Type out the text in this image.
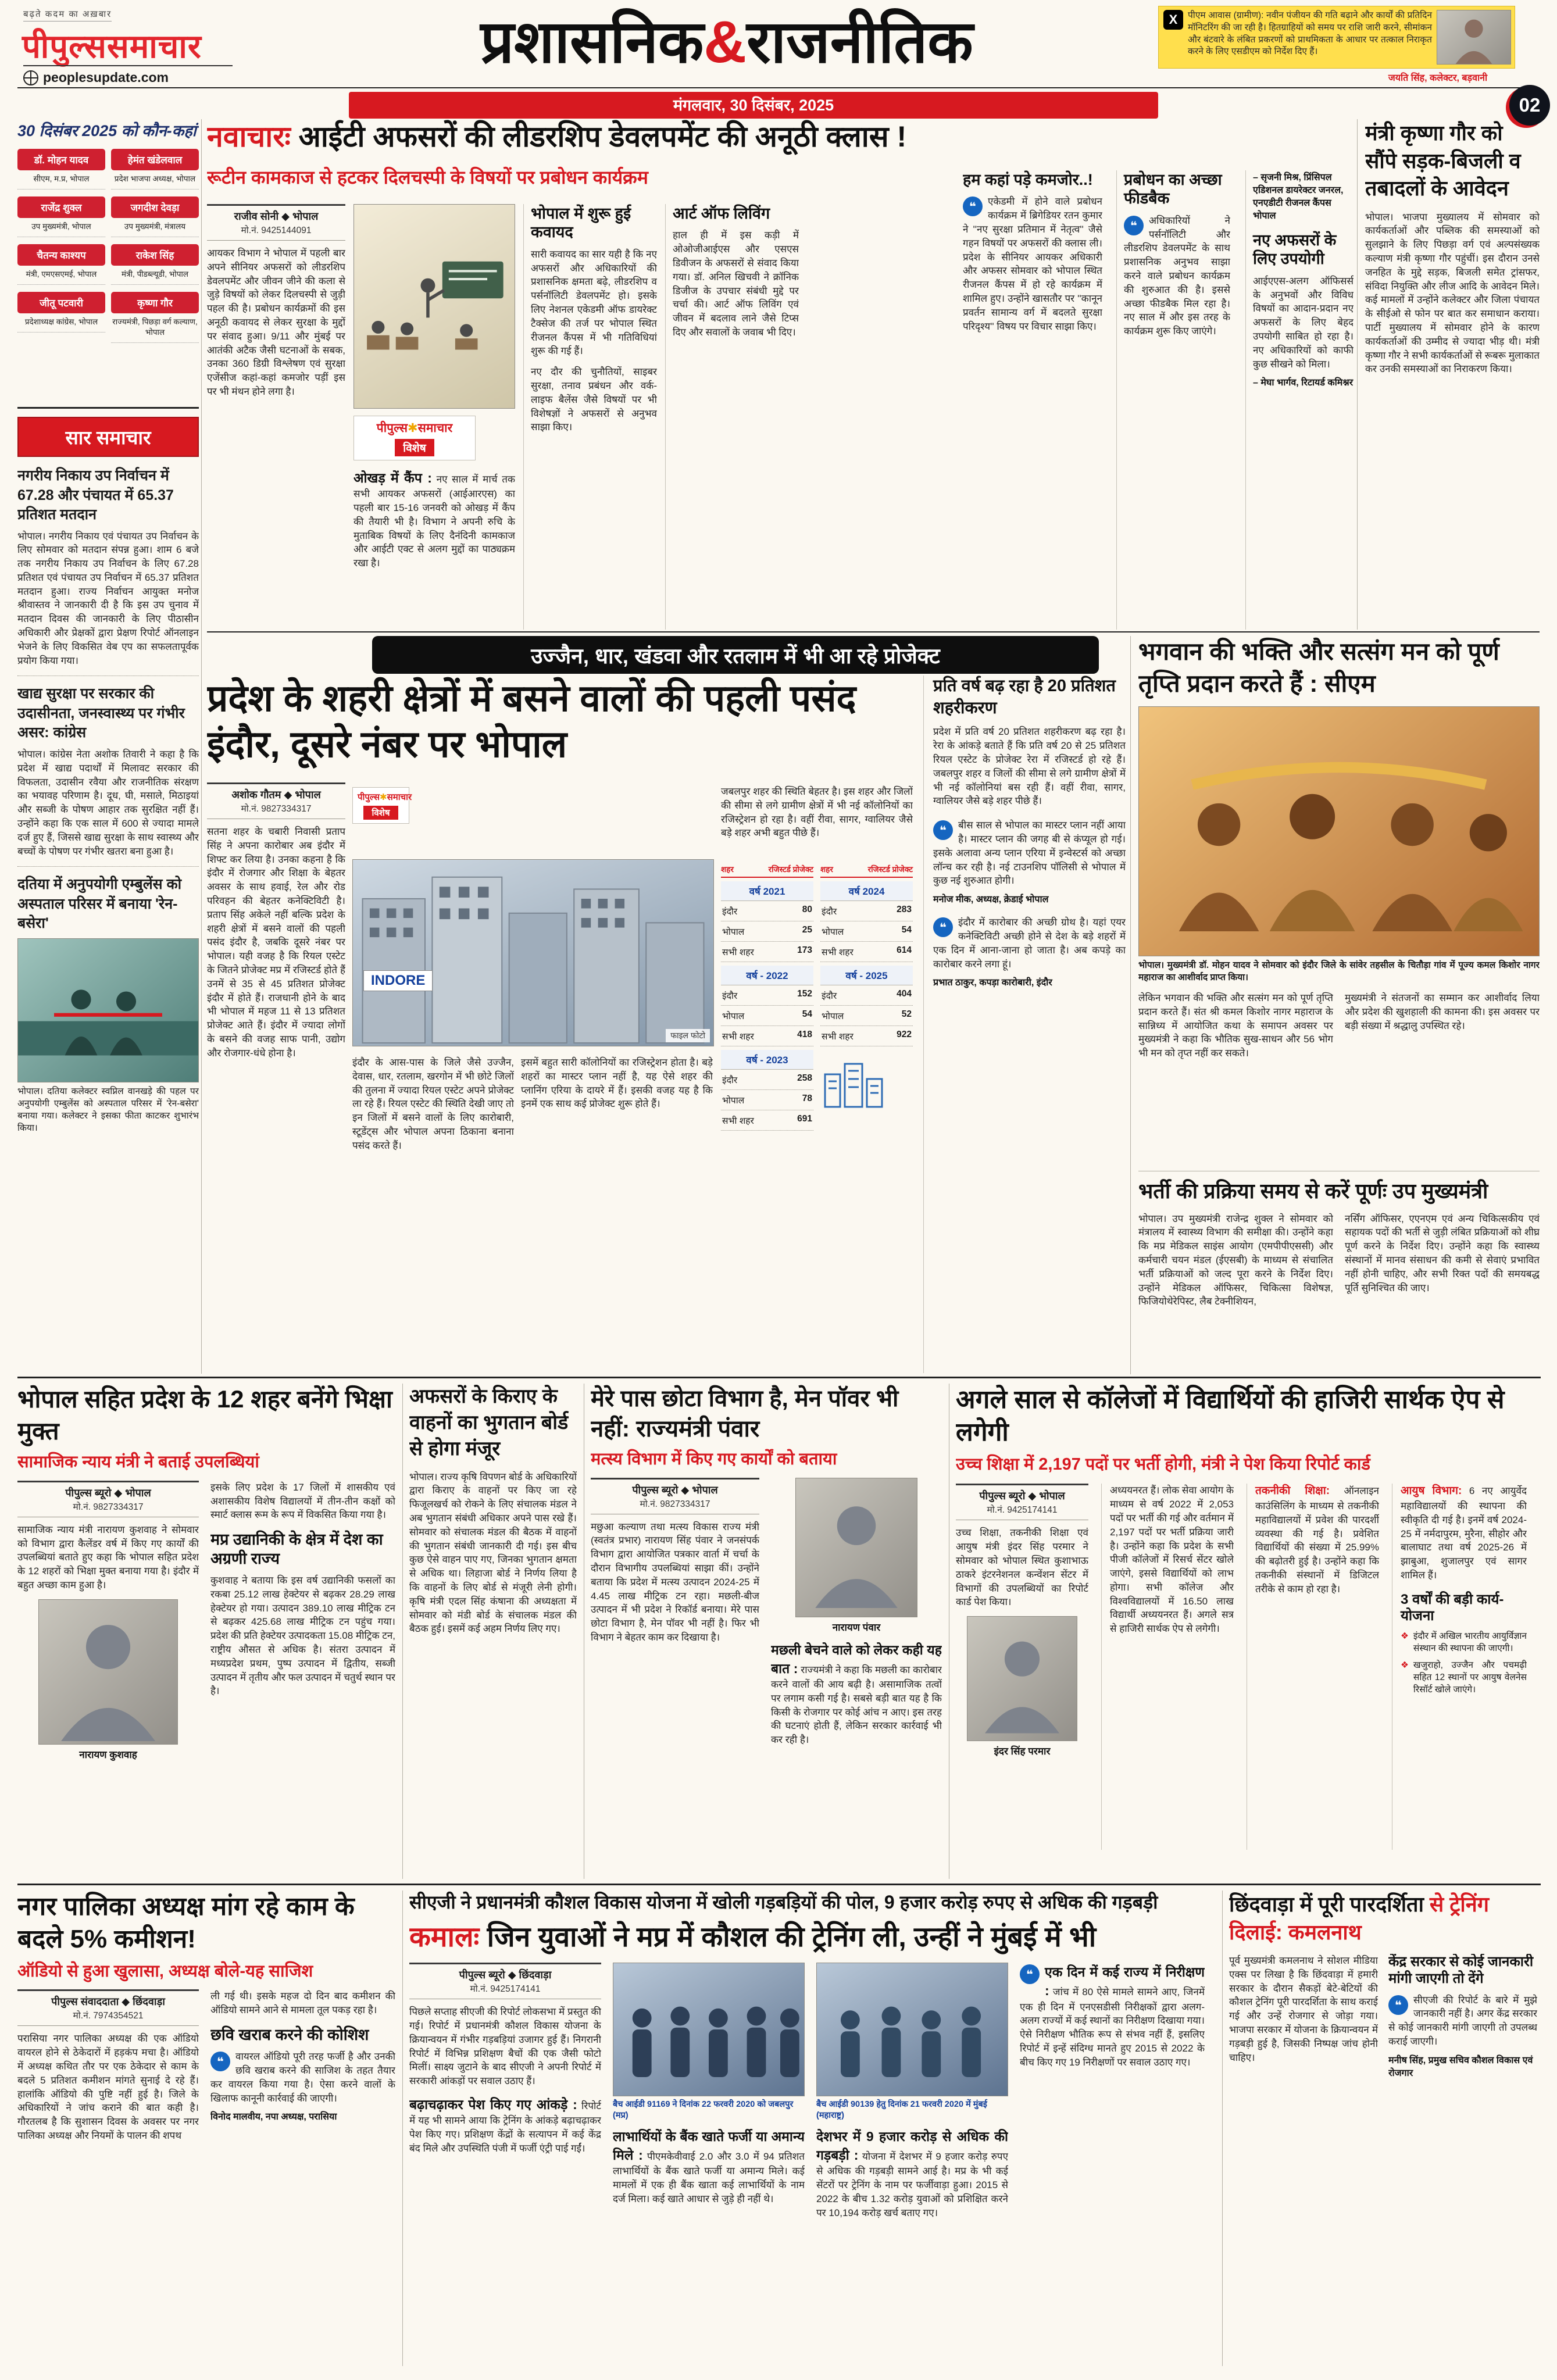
बढ़ते कदम का अख़बार
पीपुल्ससमाचार
peoplesupdate.com
प्रशासनिक&राजनीतिक X	पीएम आवास (ग्रामीण): नवीन पंजीयन की गति बढ़ाने और कार्यों की प्रतिदिन मॉनिटरिंग की जा रही है। हितग्राहियों को समय पर राशि जारी करने, सीमांकन और बंटवारे के लंबित प्रकरणों को प्राथमिकता के आधार पर तत्काल निराकृत करने के लिए एसडीएम को निर्देश दिए हैं।
जयति सिंह, कलेक्टर, बड़वानी
मंगलवार, 30 दिसंबर, 2025	02
30 दिसंबर 2025 को कौन-कहां
डॉ. मोहन यादव
सीएम, म.प्र, भोपाल
हेमंत खंडेलवाल
प्रदेश भाजपा अध्यक्ष, भोपाल
राजेंद्र शुक्ल
उप मुख्यमंत्री, भोपाल
जगदीश देवड़ा
उप मुख्यमंत्री, मंत्रालय
चैतन्य काश्यप
मंत्री, एमएसएमई, भोपाल
राकेश सिंह
मंत्री, पीडब्ल्यूडी, भोपाल
जीतू पटवारी
प्रदेशाध्यक्ष कांग्रेस, भोपाल
कृष्णा गौर
राज्यमंत्री, पिछड़ा वर्ग कल्याण, भोपाल
सार समाचार
नगरीय निकाय उप निर्वाचन में 67.28 और पंचायत में 65.37 प्रतिशत मतदान
भोपाल। नगरीय निकाय एवं पंचायत उप निर्वाचन के लिए सोमवार को मतदान संपन्न हुआ। शाम 6 बजे तक नगरीय निकाय उप निर्वाचन के लिए 67.28 प्रतिशत एवं पंचायत उप निर्वाचन में 65.37 प्रतिशत मतदान हुआ। राज्य निर्वाचन आयुक्त मनोज श्रीवास्तव ने जानकारी दी है कि इस उप चुनाव में मतदान दिवस की जानकारी के लिए पीठासीन अधिकारी और प्रेक्षकों द्वारा प्रेक्षण रिपोर्ट ऑनलाइन भेजने के लिए विकसित वेब एप का सफलतापूर्वक प्रयोग किया गया।
खाद्य सुरक्षा पर सरकार की उदासीनता, जनस्वास्थ्य पर गंभीर असर: कांग्रेस
भोपाल। कांग्रेस नेता अशोक तिवारी ने कहा है कि प्रदेश में खाद्य पदार्थों में मिलावट सरकार की विफलता, उदासीन रवैया और राजनीतिक संरक्षण का भयावह परिणाम है। दूध, घी, मसाले, मिठाइयां और सब्जी के पोषण आहार तक सुरक्षित नहीं हैं। उन्होंने कहा कि एक साल में 600 से ज्यादा मामले दर्ज हुए हैं, जिससे खाद्य सुरक्षा के साथ स्वास्थ्य और बच्चों के पोषण पर गंभीर खतरा बना हुआ है।
दतिया में अनुपयोगी एम्बुलेंस को अस्पताल परिसर में बनाया 'रेन-बसेरा'
भोपाल। दतिया कलेक्टर स्वप्निल वानखड़े की पहल पर अनुपयोगी एम्बुलेंस को अस्पताल परिसर में 'रेन-बसेरा' बनाया गया। कलेक्टर ने इसका फीता काटकर शुभारंभ किया।
नवाचारः आईटी अफसरों की लीडरशिप डेवलपमेंट की अनूठी क्लास !
रूटीन कामकाज से हटकर दिलचस्पी के विषयों पर प्रबोधन कार्यक्रम
राजीव सोनी ◆ भोपाल
मो.नं. 9425144091
आयकर विभाग ने भोपाल में पहली बार अपने सीनियर अफसरों को लीडरशिप डेवलपमेंट और जीवन जीने की कला से जुड़े विषयों को लेकर दिलचस्पी से जुड़ी पहल की है। प्रबोधन कार्यक्रमों की इस अनूठी कवायद से लेकर सुरक्षा के मुद्दों पर संवाद हुआ। 9/11 और मुंबई पर आतंकी अटैक जैसी घटनाओं के सबक, उनका 360 डिग्री विश्लेषण एवं सुरक्षा एजेंसीज कहां-कहां कमजोर पड़ीं इस पर भी मंथन होने लगा है।
पीपुल्स ✱ समाचार विशेष
ओखड़ में कैंप : नए साल में मार्च तक सभी आयकर अफसरों (आईआरएस) का पहली बार 15-16 जनवरी को ओखड़ में कैंप की तैयारी भी है। विभाग ने अपनी रुचि के मुताबिक विषयों के लिए दैनंदिनी कामकाज और आईटी एक्ट से अलग मुद्दों का पाठ्यक्रम रखा है।
भोपाल में शुरू हुई कवायद
सारी कवायद का सार यही है कि नए अफसरों और अधिकारियों की प्रशासनिक क्षमता बढ़े, लीडरशिप व पर्सनॉलिटी डेवलपमेंट हो। इसके लिए नेशनल एकेडमी ऑफ डायरेक्ट टैक्सेज की तर्ज पर भोपाल स्थित रीजनल कैंपस में भी गतिविधियां शुरू की गई हैं।
नए दौर की चुनौतियों, साइबर सुरक्षा, तनाव प्रबंधन और वर्क-लाइफ बैलेंस जैसे विषयों पर भी विशेषज्ञों ने अफसरों से अनुभव साझा किए।
आर्ट ऑफ लिविंग
हाल ही में इस कड़ी में ओओजीआईएस और एसएस डिवीजन के अफसरों से संवाद किया गया। डॉ. अनिल खिचवी ने क्रॉनिक डिजीज के उपचार संबंधी मुद्दे पर चर्चा की। आर्ट ऑफ लिविंग एवं जीवन में बदलाव लाने जैसे टिप्स दिए और सवालों के जवाब भी दिए।
हम कहां पड़े कमजोर..!
❝
एकेडमी में होने वाले प्रबोधन कार्यक्रम में ब्रिगेडियर रतन कुमार ने ''नए सुरक्षा प्रतिमान में नेतृत्व'' जैसे गहन विषयों पर अफसरों की क्लास ली। प्रदेश के सीनियर आयकर अधिकारी और अफसर सोमवार को भोपाल स्थित रीजनल कैंपस में हो रहे कार्यक्रम में शामिल हुए। उन्होंने खासतौर पर ''कानून प्रवर्तन सामान्य वर्ग में बदलते सुरक्षा परिदृश्य'' विषय पर विचार साझा किए।
प्रबोधन का अच्छा फीडबैक
❝
अधिकारियों ने पर्सनॉलिटी और लीडरशिप डेवलपमेंट के साथ प्रशासनिक अनुभव साझा करने वाले प्रबोधन कार्यक्रम की शुरुआत की है। इससे अच्छा फीडबैक मिल रहा है। नए साल में और इस तरह के कार्यक्रम शुरू किए जाएंगे।
– सृजनी मिश्र, प्रिंसिपल एडिशनल डायरेक्टर जनरल, एनएडीटी रीजनल कैंपस भोपाल
नए अफसरों के लिए उपयोगी
आईएएस-अलग ऑफिसर्स के अनुभवों और विविध विषयों का आदान-प्रदान नए अफसरों के लिए बेहद उपयोगी साबित हो रहा है। नए अधिकारियों को काफी कुछ सीखने को मिला।
– मेघा भार्गव, रिटायर्ड कमिश्नर
मंत्री कृष्णा गौर को सौंपे सड़क-बिजली व तबादलों के आवेदन
भोपाल। भाजपा मुख्यालय में सोमवार को कार्यकर्ताओं और पब्लिक की समस्याओं को सुलझाने के लिए पिछड़ा वर्ग एवं अल्पसंख्यक कल्याण मंत्री कृष्णा गौर पहुंचीं। इस दौरान उनसे जनहित के मुद्दे सड़क, बिजली समेत ट्रांसफर, संविदा नियुक्ति और लीज आदि के आवेदन मिले। कई मामलों में उन्होंने कलेक्टर और जिला पंचायत के सीईओ से फोन पर बात कर समाधान कराया। पार्टी मुख्यालय में सोमवार होने के कारण कार्यकर्ताओं की उम्मीद से ज्यादा भीड़ थी। मंत्री कृष्णा गौर ने सभी कार्यकर्ताओं से रूबरू मुलाकात कर उनकी समस्याओं का निराकरण किया।
उज्जैन, धार, खंडवा और रतलाम में भी आ रहे प्रोजेक्ट
प्रदेश के शहरी क्षेत्रों में बसने वालों की पहली पसंद इंदौर, दूसरे नंबर पर भोपाल
अशोक गौतम ◆ भोपाल
मो.नं. 9827334317
सतना शहर के चबारी निवासी प्रताप सिंह ने अपना कारोबार अब इंदौर में शिफ्ट कर लिया है। उनका कहना है कि इंदौर में रोजगार और शिक्षा के बेहतर अवसर के साथ हवाई, रेल और रोड परिवहन की बेहतर कनेक्टिविटी है। प्रताप सिंह अकेले नहीं बल्कि प्रदेश के शहरी क्षेत्रों में बसने वालों की पहली पसंद इंदौर है, जबकि दूसरे नंबर पर भोपाल। यही वजह है कि रियल एस्टेट के जितने प्रोजेक्ट मप्र में रजिस्टर्ड होते हैं उनमें से 35 से 45 प्रतिशत प्रोजेक्ट इंदौर में होते हैं। राजधानी होने के बाद भी भोपाल में महज 11 से 13 प्रतिशत प्रोजेक्ट आते हैं। इंदौर में ज्यादा लोगों के बसने की वजह साफ पानी, उद्योग और रोजगार-धंधे होना है।
पीपुल्स ✱ समाचार विशेष
INDORE
फाइल फोटो
जबलपुर शहर की स्थिति बेहतर है। इस शहर और जिलों की सीमा से लगे ग्रामीण क्षेत्रों में भी नई कॉलोनियों का रजिस्ट्रेशन हो रहा है। वहीं रीवा, सागर, ग्वालियर जैसे बड़े शहर अभी बहुत पीछे हैं।
इंदौर के आस-पास के जिले जैसे उज्जैन, देवास, धार, रतलाम, खरगोन में भी छोटे जिलों की तुलना में ज्यादा रियल एस्टेट अपने प्रोजेक्ट ला रहे हैं। रियल एस्टेट की स्थिति देखी जाए तो इन जिलों में बसने वालों के लिए कारोबारी, स्टूडेंट्स और भोपाल अपना ठिकाना बनाना पसंद करते हैं।
इसमें बहुत सारी कॉलोनियों का रजिस्ट्रेशन होता है। बड़े शहरों का मास्टर प्लान नहीं है, यह ऐसे शहर की प्लानिंग एरिया के दायरे में हैं। इसकी वजह यह है कि इनमें एक साथ कई प्रोजेक्ट शुरू होते हैं।
शहर	रजिस्टर्ड प्रोजेक्ट
वर्ष 2021
इंदौर	80
भोपाल	25
सभी शहर	173
वर्ष - 2022
इंदौर	152
भोपाल	54
सभी शहर	418
वर्ष - 2023
इंदौर	258
भोपाल	78
सभी शहर	691
शहर	रजिस्टर्ड प्रोजेक्ट
वर्ष 2024
इंदौर	283
भोपाल	54
सभी शहर	614
वर्ष - 2025
इंदौर	404
भोपाल	52
सभी शहर	922
प्रति वर्ष बढ़ रहा है 20 प्रतिशत शहरीकरण
प्रदेश में प्रति वर्ष 20 प्रतिशत शहरीकरण बढ़ रहा है। रेरा के आंकड़े बताते हैं कि प्रति वर्ष 20 से 25 प्रतिशत रियल एस्टेट के प्रोजेक्ट रेरा में रजिस्टर्ड हो रहे हैं। जबलपुर शहर व जिलों की सीमा से लगे ग्रामीण क्षेत्रों में भी नई कॉलोनियां बस रही हैं। वहीं रीवा, सागर, ग्वालियर जैसे बड़े शहर पीछे हैं।
❝
बीस साल से भोपाल का मास्टर प्लान नहीं आया है। मास्टर प्लान की जगह बी से कंप्यूल हो गई। इसके अलावा अन्य प्लान एरिया में इन्वेस्टर्स को अच्छा लॉन्च कर रही है। नई टाउनशिप पॉलिसी से भोपाल में कुछ नई शुरुआत होगी।
मनोज मीक, अध्यक्ष, क्रेडाई भोपाल
❝
इंदौर में कारोबार की अच्छी ग्रोथ है। यहां एयर कनेक्टिविटी अच्छी होने से देश के बड़े शहरों में एक दिन में आना-जाना हो जाता है। अब कपड़े का कारोबार करने लगा हूं।
प्रभात ठाकुर, कपड़ा कारोबारी, इंदौर
भगवान की भक्ति और सत्संग मन को पूर्ण तृप्ति प्रदान करते हैं : सीएम
भोपाल। मुख्यमंत्री डॉ. मोहन यादव ने सोमवार को इंदौर जिले के सांवेर तहसील के चितौड़ा गांव में पूज्य कमल किशोर नागर महाराज का आशीर्वाद प्राप्त किया।
लेकिन भगवान की भक्ति और सत्संग मन को पूर्ण तृप्ति प्रदान करते हैं। संत श्री कमल किशोर नागर महाराज के सान्निध्य में आयोजित कथा के समापन अवसर पर मुख्यमंत्री ने कहा कि भौतिक सुख-साधन और 56 भोग भी मन को तृप्त नहीं कर सकते।
मुख्यमंत्री ने संतजनों का सम्मान कर आशीर्वाद लिया और प्रदेश की खुशहाली की कामना की। इस अवसर पर बड़ी संख्या में श्रद्धालु उपस्थित रहे।
भर्ती की प्रक्रिया समय से करें पूर्णः उप मुख्यमंत्री
भोपाल। उप मुख्यमंत्री राजेन्द्र शुक्ल ने सोमवार को मंत्रालय में स्वास्थ्य विभाग की समीक्षा की। उन्होंने कहा कि मप्र मेडिकल साइंस आयोग (एमपीपीएससी) और कर्मचारी चयन मंडल (ईएसबी) के माध्यम से संचालित भर्ती प्रक्रियाओं को जल्द पूरा करने के निर्देश दिए। उन्होंने मेडिकल ऑफिसर, चिकित्सा विशेषज्ञ, फिजियोथेरेपिस्ट, लैब टेक्नीशियन,
नर्सिंग ऑफिसर, एएनएम एवं अन्य चिकित्सकीय एवं सहायक पदों की भर्ती से जुड़ी लंबित प्रक्रियाओं को शीघ्र पूर्ण करने के निर्देश दिए। उन्होंने कहा कि स्वास्थ्य संस्थानों में मानव संसाधन की कमी से सेवाएं प्रभावित नहीं होनी चाहिए, और सभी रिक्त पदों की समयबद्ध पूर्ति सुनिश्चित की जाए।
भोपाल सहित प्रदेश के 12 शहर बनेंगे भिक्षा मुक्त
सामाजिक न्याय मंत्री ने बताई उपलब्धियां
पीपुल्स ब्यूरो ◆ भोपाल
मो.नं. 9827334317
सामाजिक न्याय मंत्री नारायण कुशवाह ने सोमवार को विभाग द्वारा कैलेंडर वर्ष में किए गए कार्यों की उपलब्धियां बताते हुए कहा कि भोपाल सहित प्रदेश के 12 शहरों को भिक्षा मुक्त बनाया गया है। इंदौर में बहुत अच्छा काम हुआ है।
नारायण कुशवाह
इसके लिए प्रदेश के 17 जिलों में शासकीय एवं अशासकीय विशेष विद्यालयों में तीन-तीन कक्षों को स्मार्ट क्लास रूम के रूप में विकसित किया गया है।
मप्र उद्यानिकी के क्षेत्र में देश का अग्रणी राज्य
कुशवाह ने बताया कि इस वर्ष उद्यानिकी फसलों का रकबा 25.12 लाख हेक्टेयर से बढ़कर 28.29 लाख हेक्टेयर हो गया। उत्पादन 389.10 लाख मीट्रिक टन से बढ़कर 425.68 लाख मीट्रिक टन पहुंच गया। प्रदेश की प्रति हेक्टेयर उत्पादकता 15.08 मीट्रिक टन, राष्ट्रीय औसत से अधिक है। संतरा उत्पादन में मध्यप्रदेश प्रथम, पुष्प उत्पादन में द्वितीय, सब्जी उत्पादन में तृतीय और फल उत्पादन में चतुर्थ स्थान पर है।
अफसरों के किराए के वाहनों का भुगतान बोर्ड से होगा मंजूर
भोपाल। राज्य कृषि विपणन बोर्ड के अधिकारियों द्वारा किराए के वाहनों पर किए जा रहे फिजूलखर्च को रोकने के लिए संचालक मंडल ने अब भुगतान संबंधी अधिकार अपने पास रखे हैं। सोमवार को संचालक मंडल की बैठक में वाहनों की भुगतान संबंधी जानकारी दी गई। इस बीच कुछ ऐसे वाहन पाए गए, जिनका भुगतान क्षमता से अधिक था। लिहाजा बोर्ड ने निर्णय लिया है कि वाहनों के लिए बोर्ड से मंजूरी लेनी होगी। कृषि मंत्री एदल सिंह कंषाना की अध्यक्षता में सोमवार को मंडी बोर्ड के संचालक मंडल की बैठक हुई। इसमें कई अहम निर्णय लिए गए।
मेरे पास छोटा विभाग है, मेन पॉवर भी नहीं: राज्यमंत्री पंवार
मत्स्य विभाग में किए गए कार्यों को बताया
पीपुल्स ब्यूरो ◆ भोपाल
मो.नं. 9827334317
मछुआ कल्याण तथा मत्स्य विकास राज्य मंत्री (स्वतंत्र प्रभार) नारायण सिंह पंवार ने जनसंपर्क विभाग द्वारा आयोजित पत्रकार वार्ता में चर्चा के दौरान विभागीय उपलब्धियां साझा कीं। उन्होंने बताया कि प्रदेश में मत्स्य उत्पादन 2024-25 में 4.45 लाख मीट्रिक टन रहा। मछली-बीज उत्पादन में भी प्रदेश ने रिकॉर्ड बनाया। मेरे पास छोटा विभाग है, मेन पॉवर भी नहीं है। फिर भी विभाग ने बेहतर काम कर दिखाया है।
नारायण पंवार
मछली बेचने वाले को लेकर कही यह बात : राज्यमंत्री ने कहा कि मछली का कारोबार करने वालों की आय बढ़ी है। असामाजिक तत्वों पर लगाम कसी गई है। सबसे बड़ी बात यह है कि किसी के रोजगार पर कोई आंच न आए। इस तरह की घटनाएं होती हैं, लेकिन सरकार कार्रवाई भी कर रही है।
अगले साल से कॉलेजों में विद्यार्थियों की हाजिरी सार्थक ऐप से लगेगी
उच्च शिक्षा में 2,197 पदों पर भर्ती होगी, मंत्री ने पेश किया रिपोर्ट कार्ड
पीपुल्स ब्यूरो ◆ भोपाल
मो.नं. 9425174141
उच्च शिक्षा, तकनीकी शिक्षा एवं आयुष मंत्री इंदर सिंह परमार ने सोमवार को भोपाल स्थित कुशाभाऊ ठाकरे इंटरनेशनल कन्वेंशन सेंटर में विभागों की उपलब्धियों का रिपोर्ट कार्ड पेश किया।
इंदर सिंह परमार
अध्ययनरत हैं। लोक सेवा आयोग के माध्यम से वर्ष 2022 में 2,053 पदों पर भर्ती की गई और वर्तमान में 2,197 पदों पर भर्ती प्रक्रिया जारी है। उन्होंने कहा कि प्रदेश के सभी पीजी कॉलेजों में रिसर्च सेंटर खोले जाएंगे, इससे विद्यार्थियों को लाभ होगा। सभी कॉलेज और विश्वविद्यालयों में 16.50 लाख विद्यार्थी अध्ययनरत हैं। अगले सत्र से हाजिरी सार्थक ऐप से लगेगी।
तकनीकी शिक्षा: ऑनलाइन काउंसिलिंग के माध्यम से तकनीकी महाविद्यालयों में प्रवेश की पारदर्शी व्यवस्था की गई है। प्रवेशित विद्यार्थियों की संख्या में 25.99% की बढ़ोतरी हुई है। उन्होंने कहा कि तकनीकी संस्थानों में डिजिटल तरीके से काम हो रहा है।
आयुष विभाग: 6 नए आयुर्वेद महाविद्यालयों की स्थापना की स्वीकृति दी गई है। इनमें वर्ष 2024-25 में नर्मदापुरम, मुरैना, सीहोर और बालाघाट तथा वर्ष 2025-26 में झाबुआ, शुजालपुर एवं सागर शामिल हैं।
3 वर्षों की बड़ी कार्य-योजना
❖
इंदौर में अखिल भारतीय आयुर्विज्ञान संस्थान की स्थापना की जाएगी।
❖
खजुराहो, उज्जैन और पचमढ़ी सहित 12 स्थानों पर आयुष वेलनेस रिसॉर्ट खोले जाएंगे।
नगर पालिका अध्यक्ष मांग रहे काम के बदले 5% कमीशन!
ऑडियो से हुआ खुलासा, अध्यक्ष बोले-यह साजिश
पीपुल्स संवाददाता ◆ छिंदवाड़ा
मो.नं. 7974354521
परासिया नगर पालिका अध्यक्ष की एक ऑडियो वायरल होने से ठेकेदारों में हड़कंप मचा है। ऑडियो में अध्यक्ष कथित तौर पर एक ठेकेदार से काम के बदले 5 प्रतिशत कमीशन मांगते सुनाई दे रहे हैं। हालांकि ऑडियो की पुष्टि नहीं हुई है। जिले के अधिकारियों ने जांच कराने की बात कही है। गौरतलब है कि सुशासन दिवस के अवसर पर नगर पालिका अध्यक्ष और नियमों के पालन की शपथ
ली गई थी। इसके महज दो दिन बाद कमीशन की ऑडियो सामने आने से मामला तूल पकड़ रहा है।
छवि खराब करने की कोशिश
❝
वायरल ऑडियो पूरी तरह फर्जी है और उनकी छवि खराब करने की साजिश के तहत तैयार कर वायरल किया गया है। ऐसा करने वालों के खिलाफ कानूनी कार्रवाई की जाएगी।
विनोद मालवीय, नपा अध्यक्ष, परासिया
सीएजी ने प्रधानमंत्री कौशल विकास योजना में खोली गड़बड़ियों की पोल, 9 हजार करोड़ रुपए से अधिक की गड़बड़ी
कमालः जिन युवाओं ने मप्र में कौशल की ट्रेनिंग ली, उन्हीं ने मुंबई में भी
पीपुल्स ब्यूरो ◆ छिंदवाड़ा
मो.नं. 9425174141
पिछले सप्ताह सीएजी की रिपोर्ट लोकसभा में प्रस्तुत की गई। रिपोर्ट में प्रधानमंत्री कौशल विकास योजना के क्रियान्वयन में गंभीर गड़बड़ियां उजागर हुई हैं। निगरानी रिपोर्ट में विभिन्न प्रशिक्षण बैचों की एक जैसी फोटो मिलीं। साक्ष्य जुटाने के बाद सीएजी ने अपनी रिपोर्ट में सरकारी आंकड़ों पर सवाल उठाए हैं।
बढ़ाचढ़ाकर पेश किए गए आंकड़े : रिपोर्ट में यह भी सामने आया कि ट्रेनिंग के आंकड़े बढ़ाचढ़ाकर पेश किए गए। प्रशिक्षण केंद्रों के सत्यापन में कई केंद्र बंद मिले और उपस्थिति पंजी में फर्जी एंट्री पाई गईं।
बैच आईडी 91169 ने दिनांक 22 फरवरी 2020 को जबलपुर (मप्र)
लाभार्थियों के बैंक खाते फर्जी या अमान्य मिले : पीएमकेवीवाई 2.0 और 3.0 में 94 प्रतिशत लाभार्थियों के बैंक खाते फर्जी या अमान्य मिले। कई मामलों में एक ही बैंक खाता कई लाभार्थियों के नाम दर्ज मिला। कई खाते आधार से जुड़े ही नहीं थे।
बैच आईडी 90139 हेतु दिनांक 21 फरवरी 2020 में मुंबई (महाराष्ट्र)
देशभर में 9 हजार करोड़ से अधिक की गड़बड़ी : योजना में देशभर में 9 हजार करोड़ रुपए से अधिक की गड़बड़ी सामने आई है। मप्र के भी कई सेंटरों पर ट्रेनिंग के नाम पर फर्जीवाड़ा हुआ। 2015 से 2022 के बीच 1.32 करोड़ युवाओं को प्रशिक्षित करने पर 10,194 करोड़ खर्च बताए गए।
❝
एक दिन में कई राज्य में निरीक्षण : जांच में 80 ऐसे मामले सामने आए, जिनमें एक ही दिन में एनएसडीसी निरीक्षकों द्वारा अलग-अलग राज्यों में कई स्थानों का निरीक्षण दिखाया गया। ऐसे निरीक्षण भौतिक रूप से संभव नहीं हैं, इसलिए रिपोर्ट में इन्हें संदिग्ध मानते हुए 2015 से 2022 के बीच किए गए 19 निरीक्षणों पर सवाल उठाए गए।
छिंदवाड़ा में पूरी पारदर्शिता से ट्रेनिंग दिलाई: कमलनाथ
पूर्व मुख्यमंत्री कमलनाथ ने सोशल मीडिया एक्स पर लिखा है कि छिंदवाड़ा में हमारी सरकार के दौरान सैकड़ों बेटे-बेटियों की कौशल ट्रेनिंग पूरी पारदर्शिता के साथ कराई गई और उन्हें रोजगार से जोड़ा गया। भाजपा सरकार में योजना के क्रियान्वयन में गड़बड़ी हुई है, जिसकी निष्पक्ष जांच होनी चाहिए।
केंद्र सरकार से कोई जानकारी मांगी जाएगी तो देंगे
❝
सीएजी की रिपोर्ट के बारे में मुझे जानकारी नहीं है। अगर केंद्र सरकार से कोई जानकारी मांगी जाएगी तो उपलब्ध कराई जाएगी।
मनीष सिंह, प्रमुख सचिव कौशल विकास एवं रोजगार
